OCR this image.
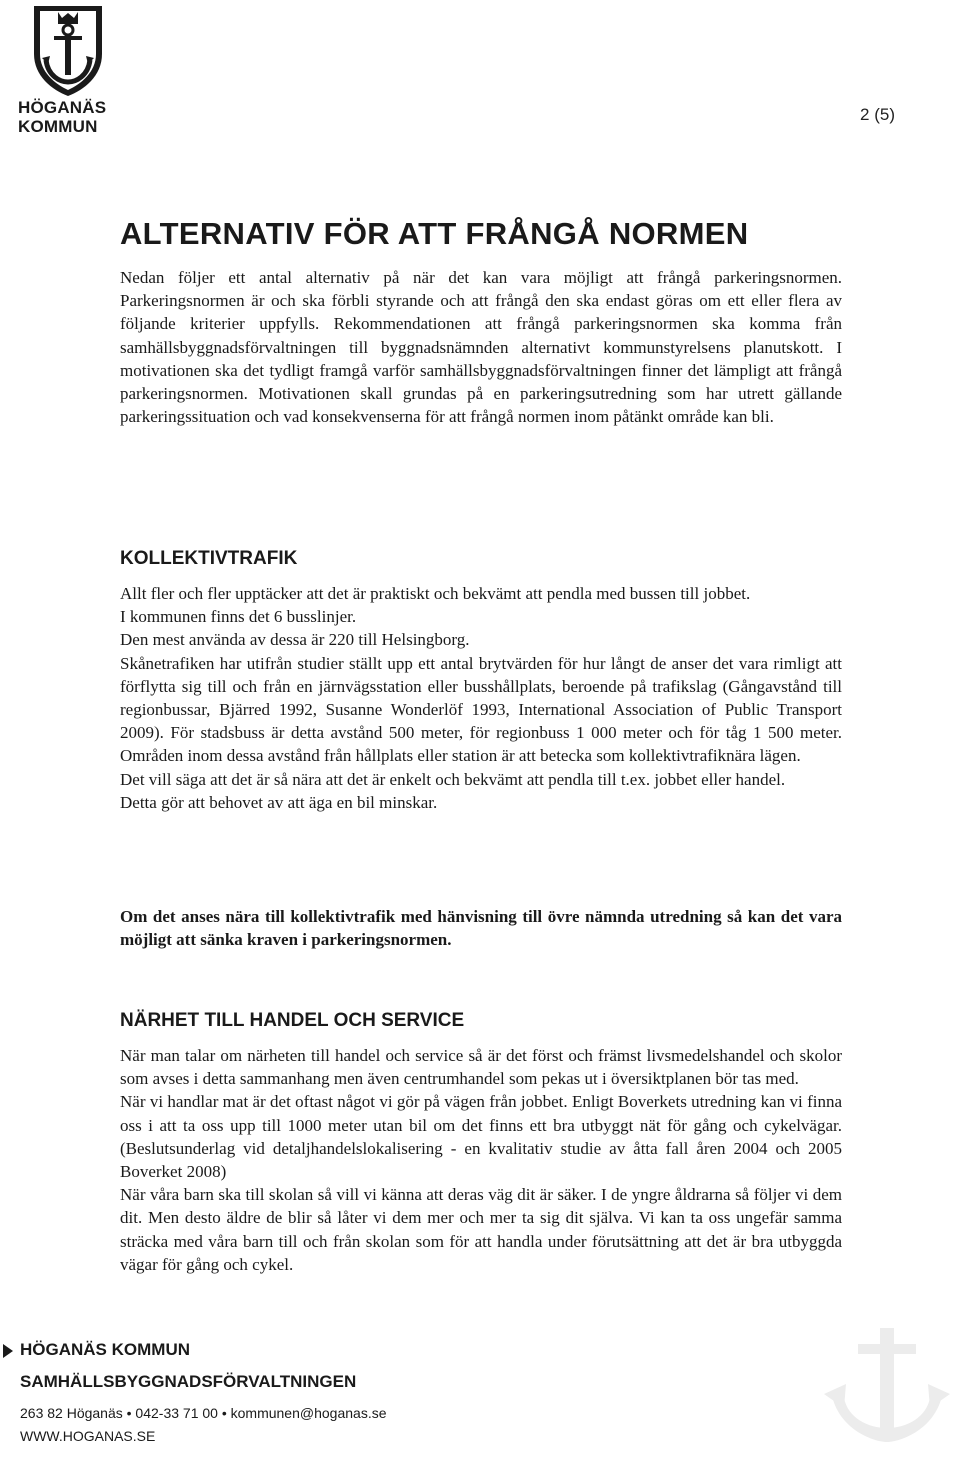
HÖGANÄS
KOMMUN
2 (5)
ALTERNATIV FÖR ATT FRÅNGÅ NORMEN

Nedan följer ett antal alternativ på när det kan vara möjligt att frångå parkeringsnormen. Parkeringsnormen är och ska förbli styrande och att frångå den ska endast göras om ett eller flera av följande kriterier uppfylls. Rekommendationen att frångå parkeringsnormen ska komma från samhällsbyggnadsförvaltningen till byggnadsnämnden alternativt kommunstyrelsens planutskott. I motivationen ska det tydligt framgå varför samhällsbyggnadsförvaltningen finner det lämpligt att frångå parkeringsnormen. Motivationen skall grundas på en parkeringsutredning som har utrett gällande parkeringssituation och vad konsekvenserna för att frångå normen inom påtänkt område kan bli.

KOLLEKTIVTRAFIK
Allt fler och fler upptäcker att det är praktiskt och bekvämt att pendla med bussen till jobbet.
I kommunen finns det 6 busslinjer.
Den mest använda av dessa är 220 till Helsingborg.
Skånetrafiken har utifrån studier ställt upp ett antal brytvärden för hur långt de anser det vara rimligt att förflytta sig till och från en järnvägsstation eller busshållplats, beroende på trafikslag (Gångavstånd till regionbussar, Bjärred 1992, Susanne Wonderlöf 1993, International Association of Public Transport 2009). För stadsbuss är detta avstånd 500 meter, för regionbuss 1 000 meter och för tåg 1 500 meter. Områden inom dessa avstånd från hållplats eller station är att betecka som kollektivtrafiknära lägen.
Det vill säga att det är så nära att det är enkelt och bekvämt att pendla till t.ex. jobbet eller handel.
Detta gör att behovet av att äga en bil minskar.

Om det anses nära till kollektivtrafik med hänvisning till övre nämnda utredning så kan det vara möjligt att sänka kraven i parkeringsnormen.

NÄRHET TILL HANDEL OCH SERVICE
När man talar om närheten till handel och service så är det först och främst livsmedelshandel och skolor som avses i detta sammanhang men även centrumhandel som pekas ut i översiktplanen bör tas med.
När vi handlar mat är det oftast något vi gör på vägen från jobbet. Enligt Boverkets utredning kan vi finna oss i att ta oss upp till 1000 meter utan bil om det finns ett bra utbyggt nät för gång och cykelvägar. (Beslutsunderlag vid detaljhandelslokalisering - en kvalitativ studie av åtta fall åren 2004 och 2005 Boverket 2008)
När våra barn ska till skolan så vill vi känna att deras väg dit är säker. I de yngre åldrarna så följer vi dem dit. Men desto äldre de blir så låter vi dem mer och mer ta sig dit själva. Vi kan ta oss ungefär samma sträcka med våra barn till och från skolan som för att handla under förutsättning att det är bra utbyggda vägar för gång och cykel.
HÖGANÄS KOMMUN
SAMHÄLLSBYGGNADSFÖRVALTNINGEN
263 82 Höganäs • 042-33 71 00 • kommunen@hoganas.se
WWW.HOGANAS.SE
